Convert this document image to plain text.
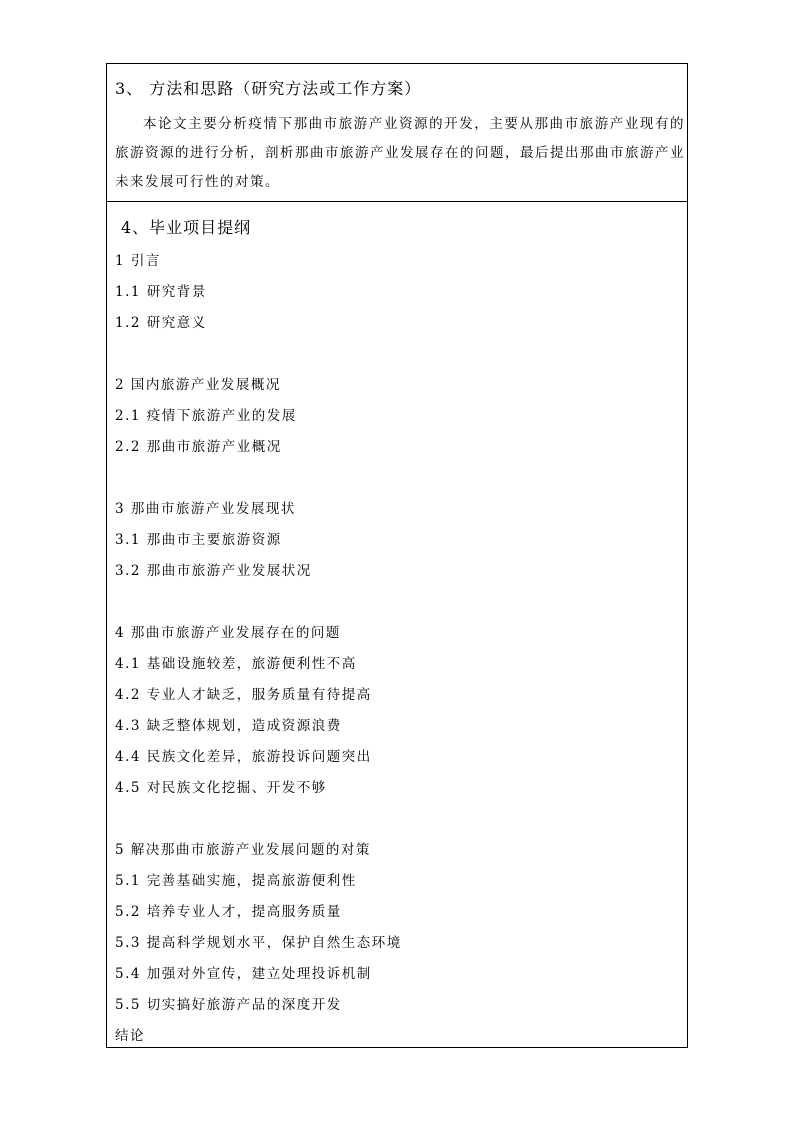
3、 方法和思路（研究方法或工作方案）
本论文主要分析疫情下那曲市旅游产业资源的开发，主要从那曲市旅游产业现有的旅游资源的进行分析，剖析那曲市旅游产业发展存在的问题，最后提出那曲市旅游产业未来发展可行性的对策。
4、毕业项目提纲
1 引言
1.1 研究背景
1.2 研究意义
2 国内旅游产业发展概况
2.1 疫情下旅游产业的发展
2.2 那曲市旅游产业概况
3 那曲市旅游产业发展现状
3.1 那曲市主要旅游资源
3.2 那曲市旅游产业发展状况
4 那曲市旅游产业发展存在的问题
4.1 基础设施较差，旅游便利性不高
4.2 专业人才缺乏，服务质量有待提高
4.3 缺乏整体规划，造成资源浪费
4.4 民族文化差异，旅游投诉问题突出
4.5 对民族文化挖掘、开发不够
5 解决那曲市旅游产业发展问题的对策
5.1 完善基础实施，提高旅游便利性
5.2 培养专业人才，提高服务质量
5.3 提高科学规划水平，保护自然生态环境
5.4 加强对外宣传，建立处理投诉机制
5.5 切实搞好旅游产品的深度开发
结论
